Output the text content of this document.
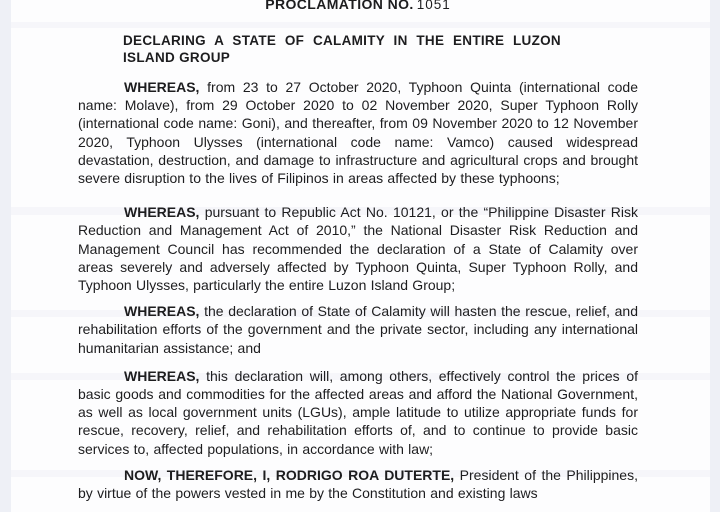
PROCLAMATION NO. 1051
DECLARING A STATE OF CALAMITY IN THE ENTIRE LUZON ISLAND GROUP

WHEREAS, from 23 to 27 October 2020, Typhoon Quinta (international code name: Molave), from 29 October 2020 to 02 November 2020, Super Typhoon Rolly (international code name: Goni), and thereafter, from 09 November 2020 to 12 November 2020, Typhoon Ulysses (international code name: Vamco) caused widespread devastation, destruction, and damage to infrastructure and agricultural crops and brought severe disruption to the lives of Filipinos in areas affected by these typhoons;

WHEREAS, pursuant to Republic Act No. 10121, or the “Philippine Disaster Risk Reduction and Management Act of 2010,” the National Disaster Risk Reduction and Management Council has recommended the declaration of a State of Calamity over areas severely and adversely affected by Typhoon Quinta, Super Typhoon Rolly, and Typhoon Ulysses, particularly the entire Luzon Island Group;

WHEREAS, the declaration of State of Calamity will hasten the rescue, relief, and rehabilitation efforts of the government and the private sector, including any international humanitarian assistance; and

WHEREAS, this declaration will, among others, effectively control the prices of basic goods and commodities for the affected areas and afford the National Government, as well as local government units (LGUs), ample latitude to utilize appropriate funds for rescue, recovery, relief, and rehabilitation efforts of, and to continue to provide basic services to, affected populations, in accordance with law;

NOW, THEREFORE, I, RODRIGO ROA DUTERTE, President of the Philippines, by virtue of the powers vested in me by the Constitution and existing laws
